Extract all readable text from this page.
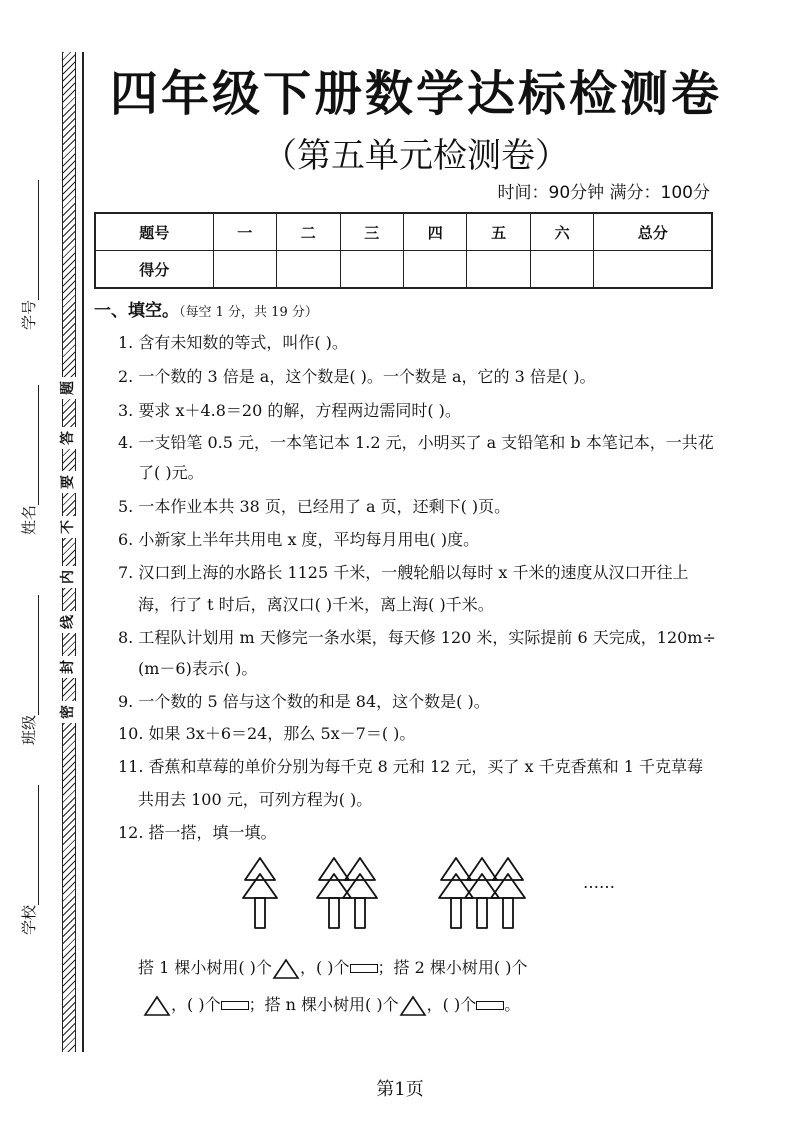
学号
姓名
班级
学校
题
答
要
不
内
线
封
密
四年级下册数学达标检测卷
（第五单元检测卷）
时间：90分钟 满分：100分
题号	一	二	三	四	五	六	总分
得分							
一、填空。（每空 1 分，共 19 分）
1. 含有未知数的等式，叫作( )。
2. 一个数的 3 倍是 a，这个数是( )。一个数是 a，它的 3 倍是( )。
3. 要求 x＋4.8＝20 的解，方程两边需同时( )。
4. 一支铅笔 0.5 元，一本笔记本 1.2 元，小明买了 a 支铅笔和 b 本笔记本，一共花
了( )元。
5. 一本作业本共 38 页，已经用了 a 页，还剩下( )页。
6. 小新家上半年共用电 x 度，平均每月用电( )度。
7. 汉口到上海的水路长 1125 千米，一艘轮船以每时 x 千米的速度从汉口开往上
海，行了 t 时后，离汉口( )千米，离上海( )千米。
8. 工程队计划用 m 天修完一条水渠，每天修 120 米，实际提前 6 天完成，120m÷
(m－6)表示( )。
9. 一个数的 5 倍与这个数的和是 84，这个数是( )。
10. 如果 3x＋6＝24，那么 5x－7＝( )。
11. 香蕉和草莓的单价分别为每千克 8 元和 12 元，买了 x 千克香蕉和 1 千克草莓
共用去 100 元，可列方程为( )。
12. 搭一搭，填一填。
……
搭 1 棵小树用( )个 ，( )个 ；搭 2 棵小树用( )个
，( )个 ；搭 n 棵小树用( )个 ，( )个 。
第1页
